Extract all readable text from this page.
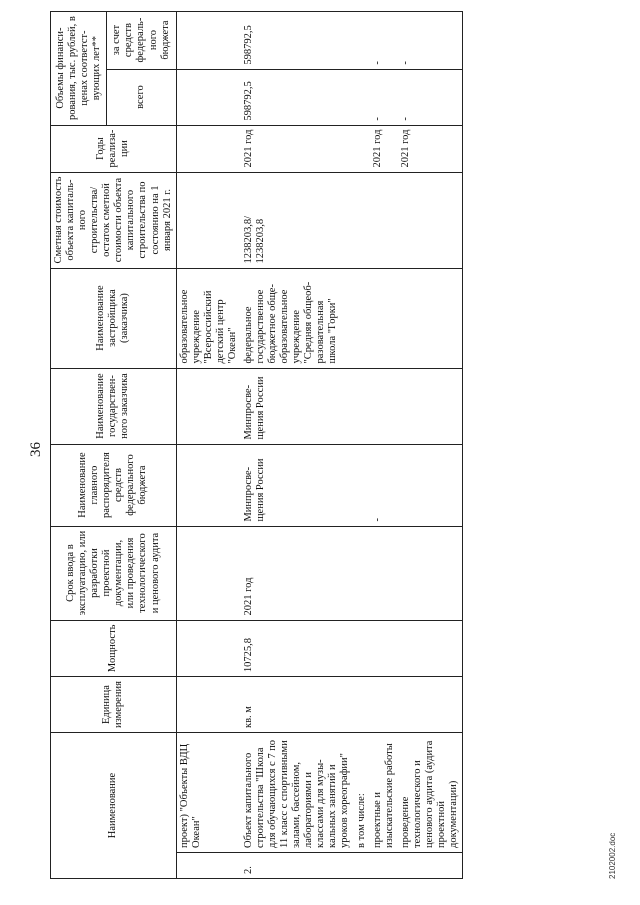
36
Наименование		Единица измерения	Мощность	Срок ввода в эксплуатацию, или разработки проектной документации, или проведения технологического и ценового аудита	Наименование главного распорядителя средств федерального бюджета	Наименование государствен-ного заказчика	Наименование застройщика (заказчика)	Сметная стоимость объекта капиталь-ного строительства/ остаток сметной стоимости объекта капитального строительства по состоянию на 1 января 2021 г.	Годы реализа-ции	Объемы финанси-рования, тыс. рублей, в ценах соответст-вующих лет**	
										всего	за счет средств федераль-ного бюджета
	проект) "Объекты ВДЦ Океан"						образовательное учреждение "Всероссийский детский центр "Океан"				
2.	Объект капитального строительства "Школа для обучающихся с 7 по 11 класс с спортивными залами, бассейном, лабораториями и классами для музы-кальных занятий и уроков хореографии"	кв. м	10725,8	2021 год	Минпросве-щения России	Минпросве-щения России	федеральное государственное бюджетное обще-образовательное учреждение "Средняя общеоб-разовательная школа "Горки"	1238203,8/ 1238203,8	2021 год	598792,5	598792,5
	в том числе:										
	проектные и изыскательские работы				-				2021 год	-	-
	проведение технологического и ценового аудита (аудита проектной документации)								2021 год	-	-
2102002.doc
